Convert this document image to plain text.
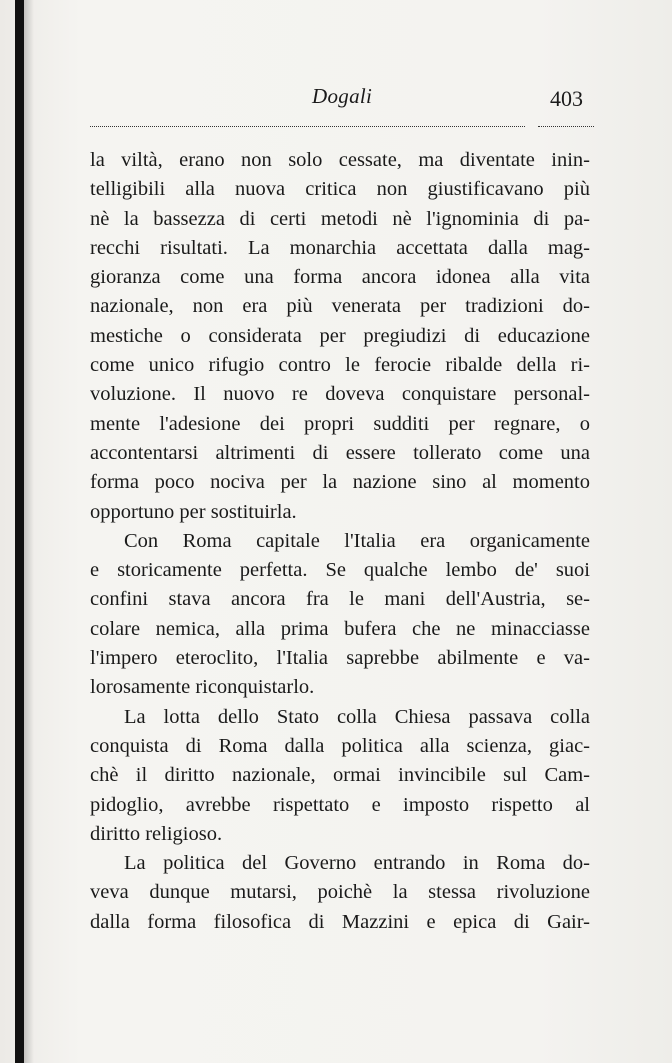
Dogali	403
la viltà, erano non solo cessate, ma diventate inin-
telligibili alla nuova critica non giustificavano più
nè la bassezza di certi metodi nè l'ignominia di pa-
recchi risultati. La monarchia accettata dalla mag-
gioranza come una forma ancora idonea alla vita
nazionale, non era più venerata per tradizioni do-
mestiche o considerata per pregiudizi di educazione
come unico rifugio contro le ferocie ribalde della ri-
voluzione. Il nuovo re doveva conquistare personal-
mente l'adesione dei propri sudditi per regnare, o
accontentarsi altrimenti di essere tollerato come una
forma poco nociva per la nazione sino al momento
opportuno per sostituirla.
Con Roma capitale l'Italia era organicamente
e storicamente perfetta. Se qualche lembo de' suoi
confini stava ancora fra le mani dell'Austria, se-
colare nemica, alla prima bufera che ne minacciasse
l'impero eteroclito, l'Italia saprebbe abilmente e va-
lorosamente riconquistarlo.
La lotta dello Stato colla Chiesa passava colla
conquista di Roma dalla politica alla scienza, giac-
chè il diritto nazionale, ormai invincibile sul Cam-
pidoglio, avrebbe rispettato e imposto rispetto al
diritto religioso.
La politica del Governo entrando in Roma do-
veva dunque mutarsi, poichè la stessa rivoluzione
dalla forma filosofica di Mazzini e epica di Gair-
